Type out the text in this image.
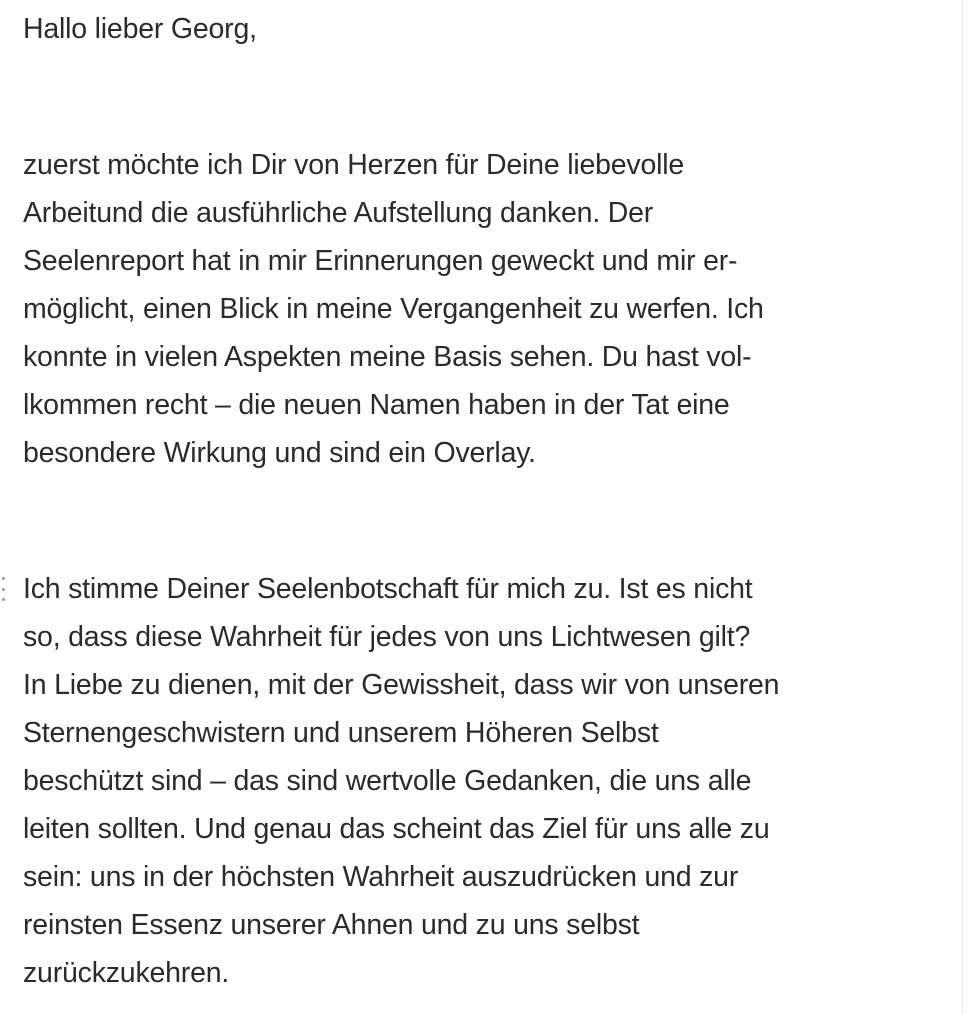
Hallo lieber Georg,

zuerst möchte ich Dir von Herzen für Deine liebevolle
Arbeitund die ausführliche Aufstellung danken. Der
Seelenreport hat in mir Erinnerungen geweckt und mir er-
möglicht, einen Blick in meine Vergangenheit zu werfen. Ich
konnte in vielen Aspekten meine Basis sehen. Du hast vol-
lkommen recht – die neuen Namen haben in der Tat eine
besondere Wirkung und sind ein Overlay.

Ich stimme Deiner Seelenbotschaft für mich zu. Ist es nicht
so, dass diese Wahrheit für jedes von uns Lichtwesen gilt?
In Liebe zu dienen, mit der Gewissheit, dass wir von unseren
Sternengeschwistern und unserem Höheren Selbst
beschützt sind – das sind wertvolle Gedanken, die uns alle
leiten sollten. Und genau das scheint das Ziel für uns alle zu
sein: uns in der höchsten Wahrheit auszudrücken und zur
reinsten Essenz unserer Ahnen und zu uns selbst
zurückzukehren.
